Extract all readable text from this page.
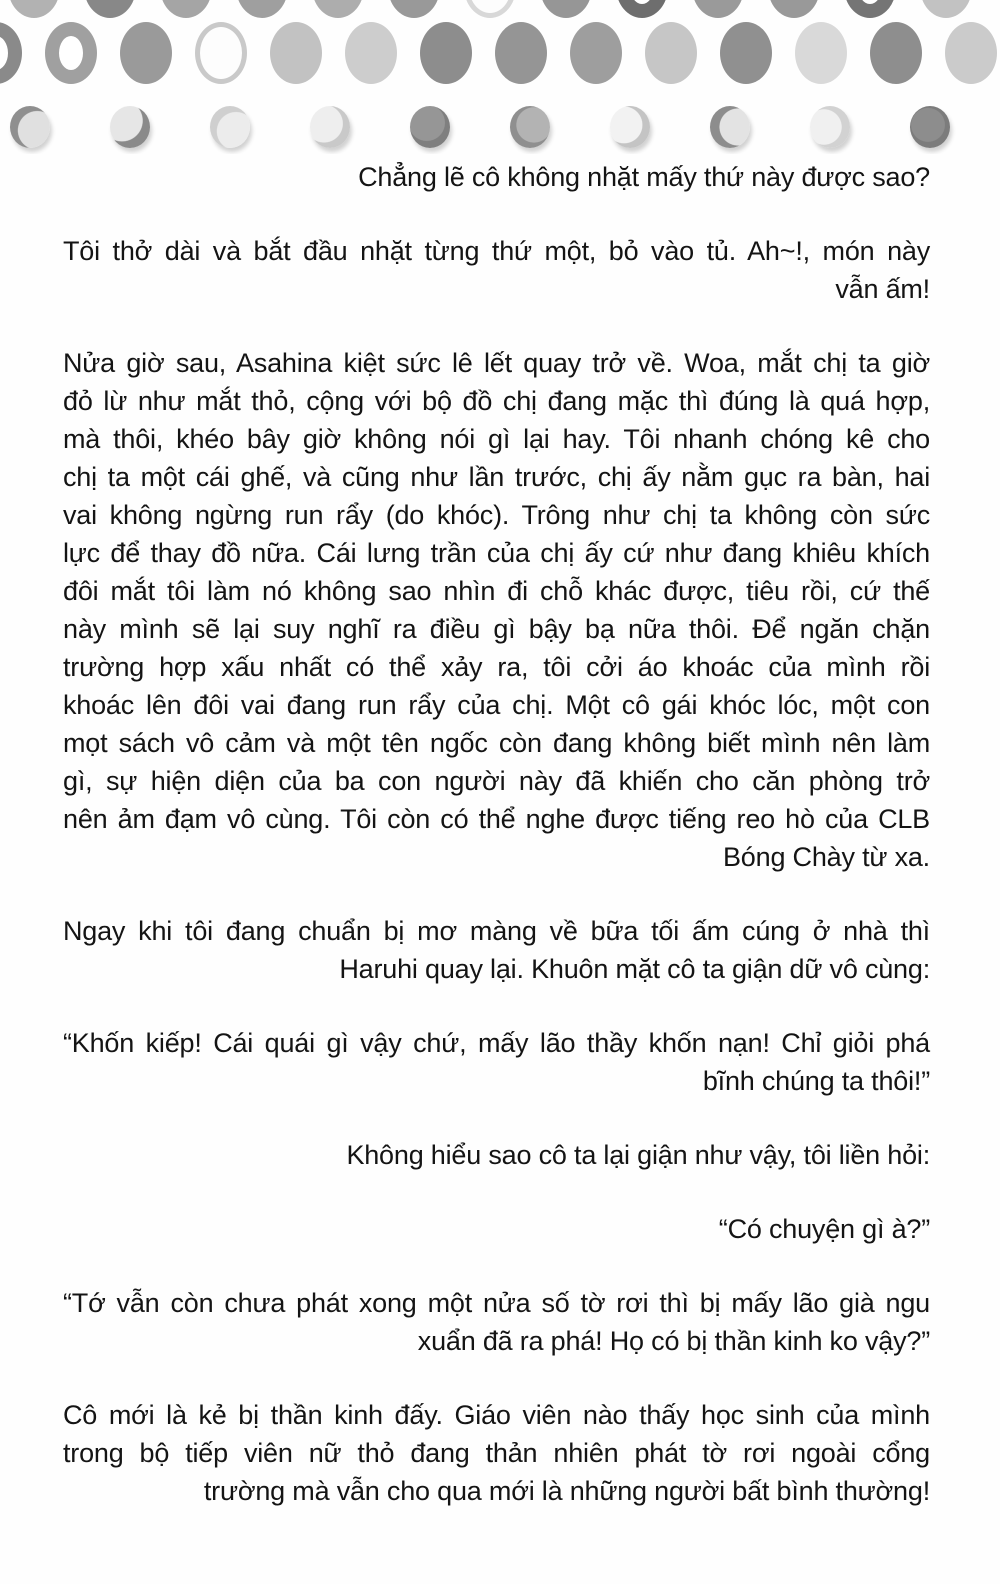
Chẳng lẽ cô không nhặt mấy thứ này được sao?
Tôi thở dài và bắt đầu nhặt từng thứ một, bỏ vào tủ. Ah~!, món này
vẫn ấm!
Nửa giờ sau, Asahina kiệt sức lê lết quay trở về. Woa, mắt chị ta giờ
đỏ lừ như mắt thỏ, cộng với bộ đồ chị đang mặc thì đúng là quá hợp,
mà thôi, khéo bây giờ không nói gì lại hay. Tôi nhanh chóng kê cho
chị ta một cái ghế, và cũng như lần trước, chị ấy nằm gục ra bàn, hai
vai không ngừng run rẩy (do khóc). Trông như chị ta không còn sức
lực để thay đồ nữa. Cái lưng trần của chị ấy cứ như đang khiêu khích
đôi mắt tôi làm nó không sao nhìn đi chỗ khác được, tiêu rồi, cứ thế
này mình sẽ lại suy nghĩ ra điều gì bậy bạ nữa thôi. Để ngăn chặn
trường hợp xấu nhất có thể xảy ra, tôi cởi áo khoác của mình rồi
khoác lên đôi vai đang run rẩy của chị. Một cô gái khóc lóc, một con
mọt sách vô cảm và một tên ngốc còn đang không biết mình nên làm
gì, sự hiện diện của ba con người này đã khiến cho căn phòng trở
nên ảm đạm vô cùng. Tôi còn có thể nghe được tiếng reo hò của CLB
Bóng Chày từ xa.
Ngay khi tôi đang chuẩn bị mơ màng về bữa tối ấm cúng ở nhà thì
Haruhi quay lại. Khuôn mặt cô ta giận dữ vô cùng:
“Khốn kiếp! Cái quái gì vậy chứ, mấy lão thầy khốn nạn! Chỉ giỏi phá
bĩnh chúng ta thôi!”
Không hiểu sao cô ta lại giận như vậy, tôi liền hỏi:
“Có chuyện gì à?”
“Tớ vẫn còn chưa phát xong một nửa số tờ rơi thì bị mấy lão già ngu
xuẩn đã ra phá! Họ có bị thần kinh ko vậy?”
Cô mới là kẻ bị thần kinh đấy. Giáo viên nào thấy học sinh của mình
trong bộ tiếp viên nữ thỏ đang thản nhiên phát tờ rơi ngoài cổng
trường mà vẫn cho qua mới là những người bất bình thường!
